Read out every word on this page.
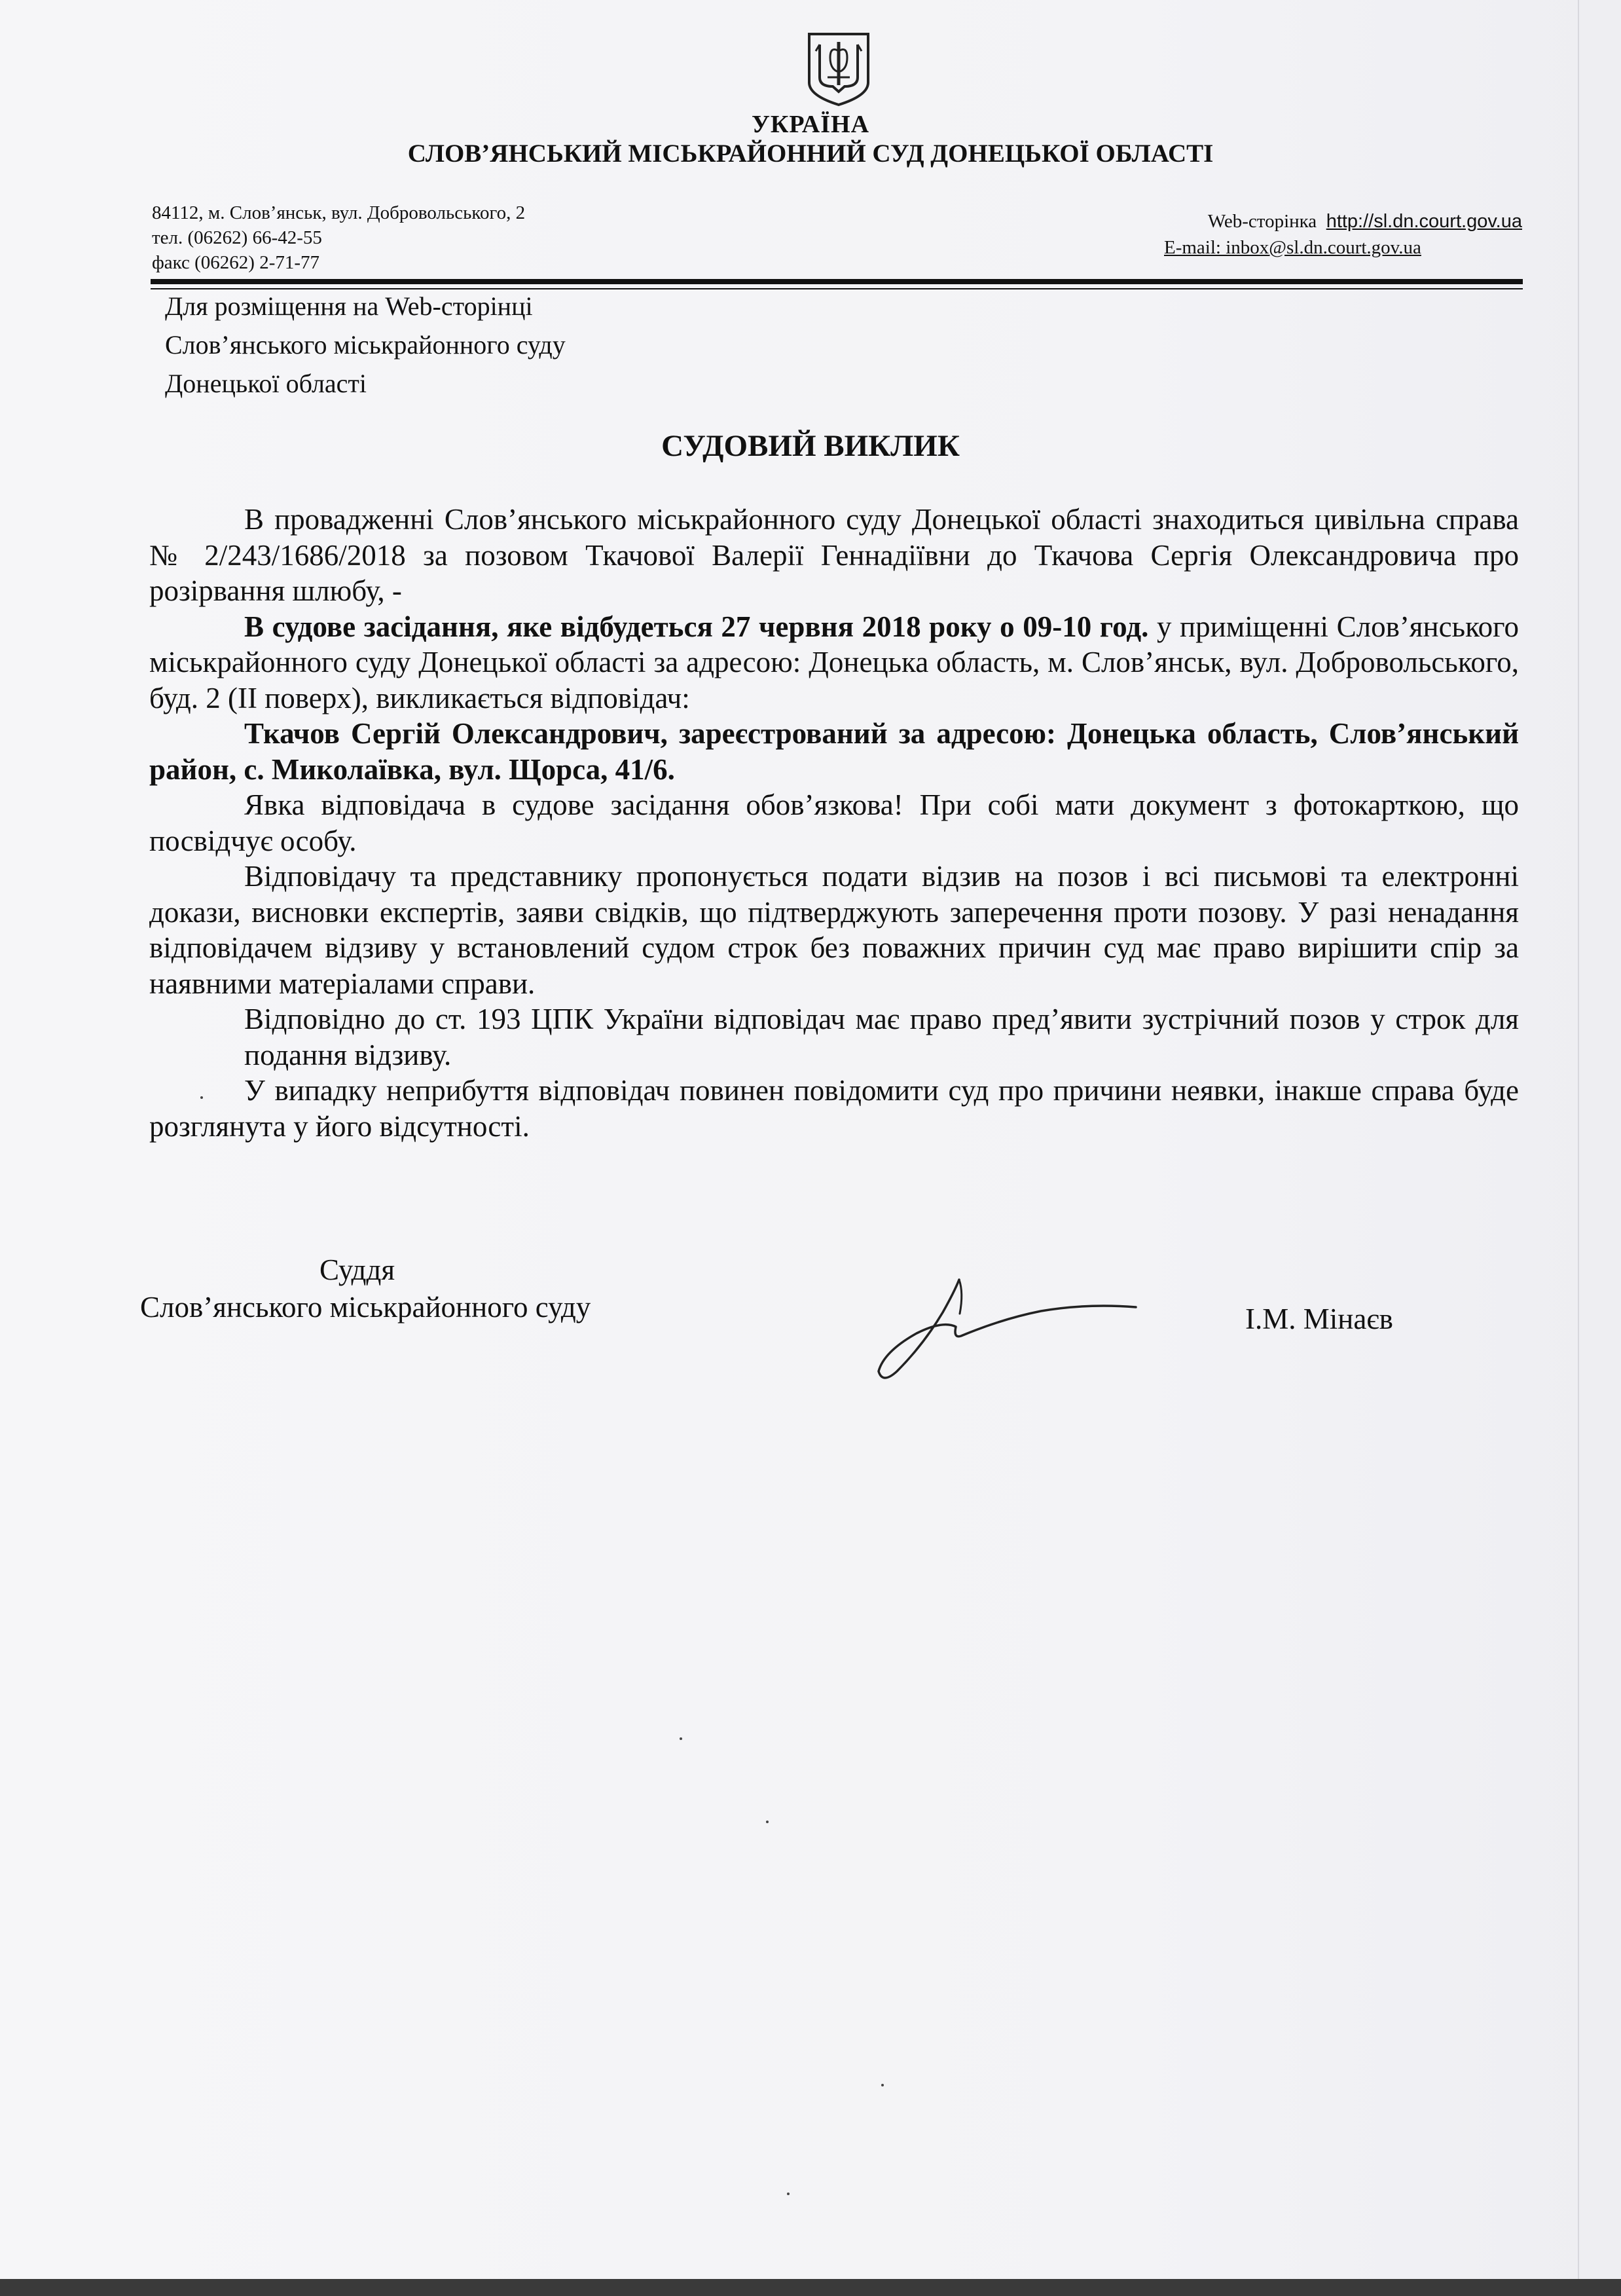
УКРАЇНА
СЛОВ’ЯНСЬКИЙ МІСЬКРАЙОННИЙ СУД ДОНЕЦЬКОЇ ОБЛАСТІ
84112, м. Слов’янськ, вул. Добровольського, 2
тел. (06262) 66-42-55
факс (06262) 2-71-77
Web-сторінка http://sl.dn.court.gov.ua
E-mail: inbox@sl.dn.court.gov.ua
Для розміщення на Web-сторінці
Слов’янського міськрайонного суду
Донецької області
СУДОВИЙ ВИКЛИК

В провадженні Слов’янського міськрайонного суду Донецької області знаходиться цивільна справа № 2/243/1686/2018 за позовом Ткачової Валерії Геннадіївни до Ткачова Сергія Олександровича про розірвання шлюбу, -

В судове засідання, яке відбудеться 27 червня 2018 року о 09-10 год. у приміщенні Слов’янського міськрайонного суду Донецької області за адресою: Донецька область, м. Слов’янськ, вул. Добровольського, буд. 2 (ІІ поверх), викликається відповідач:

Ткачов Сергій Олександрович, зареєстрований за адресою: Донецька область, Слов’янський район, с. Миколаївка, вул. Щорса, 41/6.

Явка відповідача в судове засідання обов’язкова! При собі мати документ з фотокарткою, що посвідчує особу.

Відповідачу та представнику пропонується подати відзив на позов і всі письмові та електронні докази, висновки експертів, заяви свідків, що підтверджують заперечення проти позову. У разі ненадання відповідачем відзиву у встановлений судом строк без поважних причин суд має право вирішити спір за наявними матеріалами справи.

Відповідно до ст. 193 ЦПК України відповідач має право пред’явити зустрічний позов у строк для подання відзиву.

У випадку неприбуття відповідач повинен повідомити суд про причини неявки, інакше справа буде розглянута у його відсутності.

Суддя
Слов’янського міськрайонного суду	І.М. Мінаєв
